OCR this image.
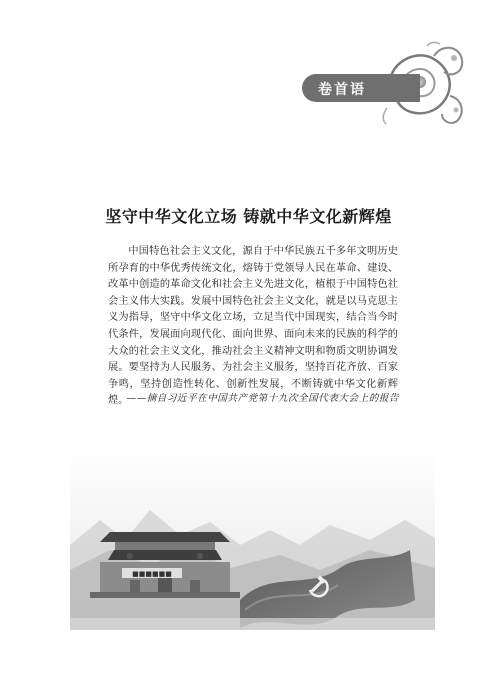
卷首语
坚守中华文化立场 铸就中华文化新辉煌

中国特色社会主义文化，源自于中华民族五千多年文明历史所孕育的中华优秀传统文化，熔铸于党领导人民在革命、建设、改革中创造的革命文化和社会主义先进文化，植根于中国特色社会主义伟大实践。发展中国特色社会主义文化，就是以马克思主义为指导，坚守中华文化立场，立足当代中国现实，结合当今时代条件，发展面向现代化、面向世界、面向未来的民族的科学的大众的社会主义文化，推动社会主义精神文明和物质文明协调发展。要坚持为人民服务、为社会主义服务，坚持百花齐放、百家争鸣，坚持创造性转化、创新性发展，不断铸就中华文化新辉煌。

——摘自习近平在中国共产党第十九次全国代表大会上的报告
■■■■■■
